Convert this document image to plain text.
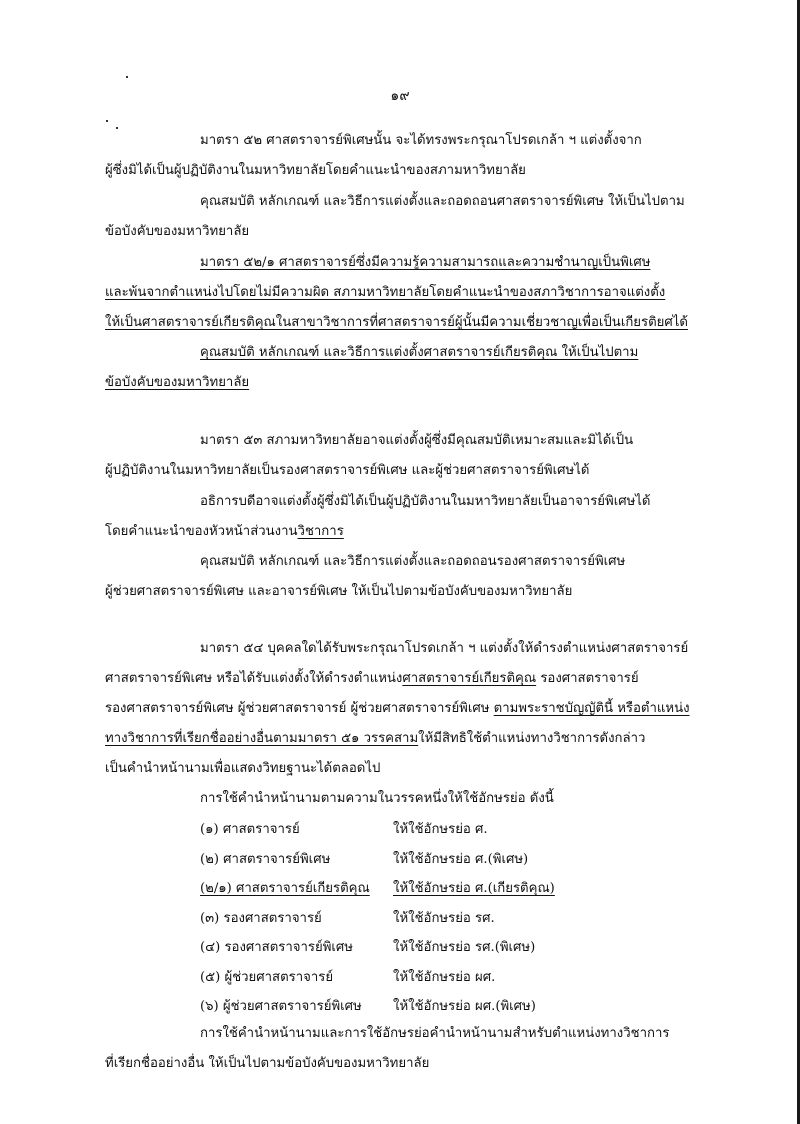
๑๙
มาตรา ๕๒ ศาสตราจารย์พิเศษนั้น จะได้ทรงพระกรุณาโปรดเกล้า ฯ แต่งตั้งจาก
ผู้ซึ่งมิได้เป็นผู้ปฏิบัติงานในมหาวิทยาลัยโดยคำแนะนำของสภามหาวิทยาลัย
คุณสมบัติ หลักเกณฑ์ และวิธีการแต่งตั้งและถอดถอนศาสตราจารย์พิเศษ ให้เป็นไปตาม
ข้อบังคับของมหาวิทยาลัย
มาตรา ๕๒/๑ ศาสตราจารย์ซึ่งมีความรู้ความสามารถและความชำนาญเป็นพิเศษ
และพ้นจากตำแหน่งไปโดยไม่มีความผิด สภามหาวิทยาลัยโดยคำแนะนำของสภาวิชาการอาจแต่งตั้ง
ให้เป็นศาสตราจารย์เกียรติคุณในสาขาวิชาการที่ศาสตราจารย์ผู้นั้นมีความเชี่ยวชาญเพื่อเป็นเกียรติยศได้
คุณสมบัติ หลักเกณฑ์ และวิธีการแต่งตั้งศาสตราจารย์เกียรติคุณ ให้เป็นไปตาม
ข้อบังคับของมหาวิทยาลัย
มาตรา ๕๓ สภามหาวิทยาลัยอาจแต่งตั้งผู้ซึ่งมีคุณสมบัติเหมาะสมและมิได้เป็น
ผู้ปฏิบัติงานในมหาวิทยาลัยเป็นรองศาสตราจารย์พิเศษ และผู้ช่วยศาสตราจารย์พิเศษได้
อธิการบดีอาจแต่งตั้งผู้ซึ่งมิได้เป็นผู้ปฏิบัติงานในมหาวิทยาลัยเป็นอาจารย์พิเศษได้
โดยคำแนะนำของหัวหน้าส่วนงานวิชาการ
คุณสมบัติ หลักเกณฑ์ และวิธีการแต่งตั้งและถอดถอนรองศาสตราจารย์พิเศษ
ผู้ช่วยศาสตราจารย์พิเศษ และอาจารย์พิเศษ ให้เป็นไปตามข้อบังคับของมหาวิทยาลัย
มาตรา ๕๔ บุคคลใดได้รับพระกรุณาโปรดเกล้า ฯ แต่งตั้งให้ดำรงตำแหน่งศาสตราจารย์
ศาสตราจารย์พิเศษ หรือได้รับแต่งตั้งให้ดำรงตำแหน่งศาสตราจารย์เกียรติคุณ รองศาสตราจารย์
รองศาสตราจารย์พิเศษ ผู้ช่วยศาสตราจารย์ ผู้ช่วยศาสตราจารย์พิเศษ ตามพระราชบัญญัตินี้ หรือตำแหน่ง
ทางวิชาการที่เรียกชื่ออย่างอื่นตามมาตรา ๕๑ วรรคสามให้มีสิทธิใช้ตำแหน่งทางวิชาการดังกล่าว
เป็นคำนำหน้านามเพื่อแสดงวิทยฐานะได้ตลอดไป
การใช้คำนำหน้านามตามความในวรรคหนึ่งให้ใช้อักษรย่อ ดังนี้
(๑) ศาสตราจารย์	ให้ใช้อักษรย่อ ศ.
(๒) ศาสตราจารย์พิเศษ	ให้ใช้อักษรย่อ ศ.(พิเศษ)
(๒/๑) ศาสตราจารย์เกียรติคุณ ให้ใช้อักษรย่อ ศ.(เกียรติคุณ)
(๓) รองศาสตราจารย์	ให้ใช้อักษรย่อ รศ.
(๔) รองศาสตราจารย์พิเศษ	ให้ใช้อักษรย่อ รศ.(พิเศษ)
(๕) ผู้ช่วยศาสตราจารย์	ให้ใช้อักษรย่อ ผศ.
(๖) ผู้ช่วยศาสตราจารย์พิเศษ ให้ใช้อักษรย่อ ผศ.(พิเศษ)
การใช้คำนำหน้านามและการใช้อักษรย่อคำนำหน้านามสำหรับตำแหน่งทางวิชาการ
ที่เรียกชื่ออย่างอื่น ให้เป็นไปตามข้อบังคับของมหาวิทยาลัย
